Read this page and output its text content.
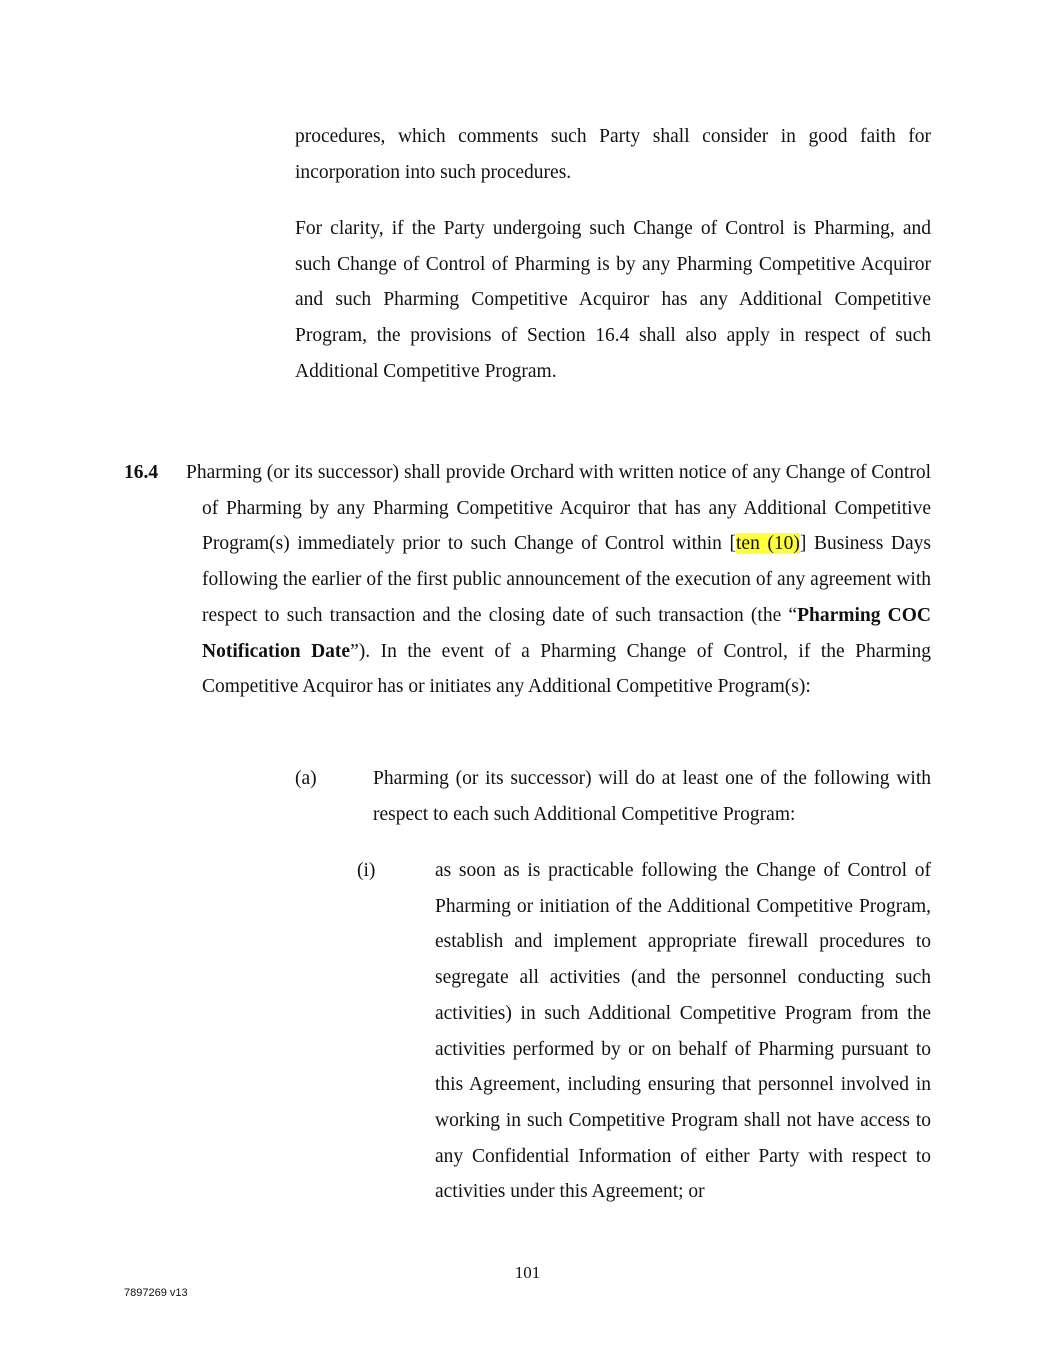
procedures, which comments such Party shall consider in good faith for incorporation into such procedures.

For clarity, if the Party undergoing such Change of Control is Pharming, and such Change of Control of Pharming is by any Pharming Competitive Acquiror and such Pharming Competitive Acquiror has any Additional Competitive Program, the provisions of Section 16.4 shall also apply in respect of such Additional Competitive Program.

16.4 Pharming (or its successor) shall provide Orchard with written notice of any Change of Control of Pharming by any Pharming Competitive Acquiror that has any Additional Competitive Program(s) immediately prior to such Change of Control within [ten (10)] Business Days following the earlier of the first public announcement of the execution of any agreement with respect to such transaction and the closing date of such transaction (the “Pharming COC Notification Date”). In the event of a Pharming Change of Control, if the Pharming Competitive Acquiror has or initiates any Additional Competitive Program(s):

(a)	Pharming (or its successor) will do at least one of the following with respect to each such Additional Competitive Program:

(i)	as soon as is practicable following the Change of Control of Pharming or initiation of the Additional Competitive Program, establish and implement appropriate firewall procedures to segregate all activities (and the personnel conducting such activities) in such Additional Competitive Program from the activities performed by or on behalf of Pharming pursuant to this Agreement, including ensuring that personnel involved in working in such Competitive Program shall not have access to any Confidential Information of either Party with respect to activities under this Agreement; or

101
7897269 v13
